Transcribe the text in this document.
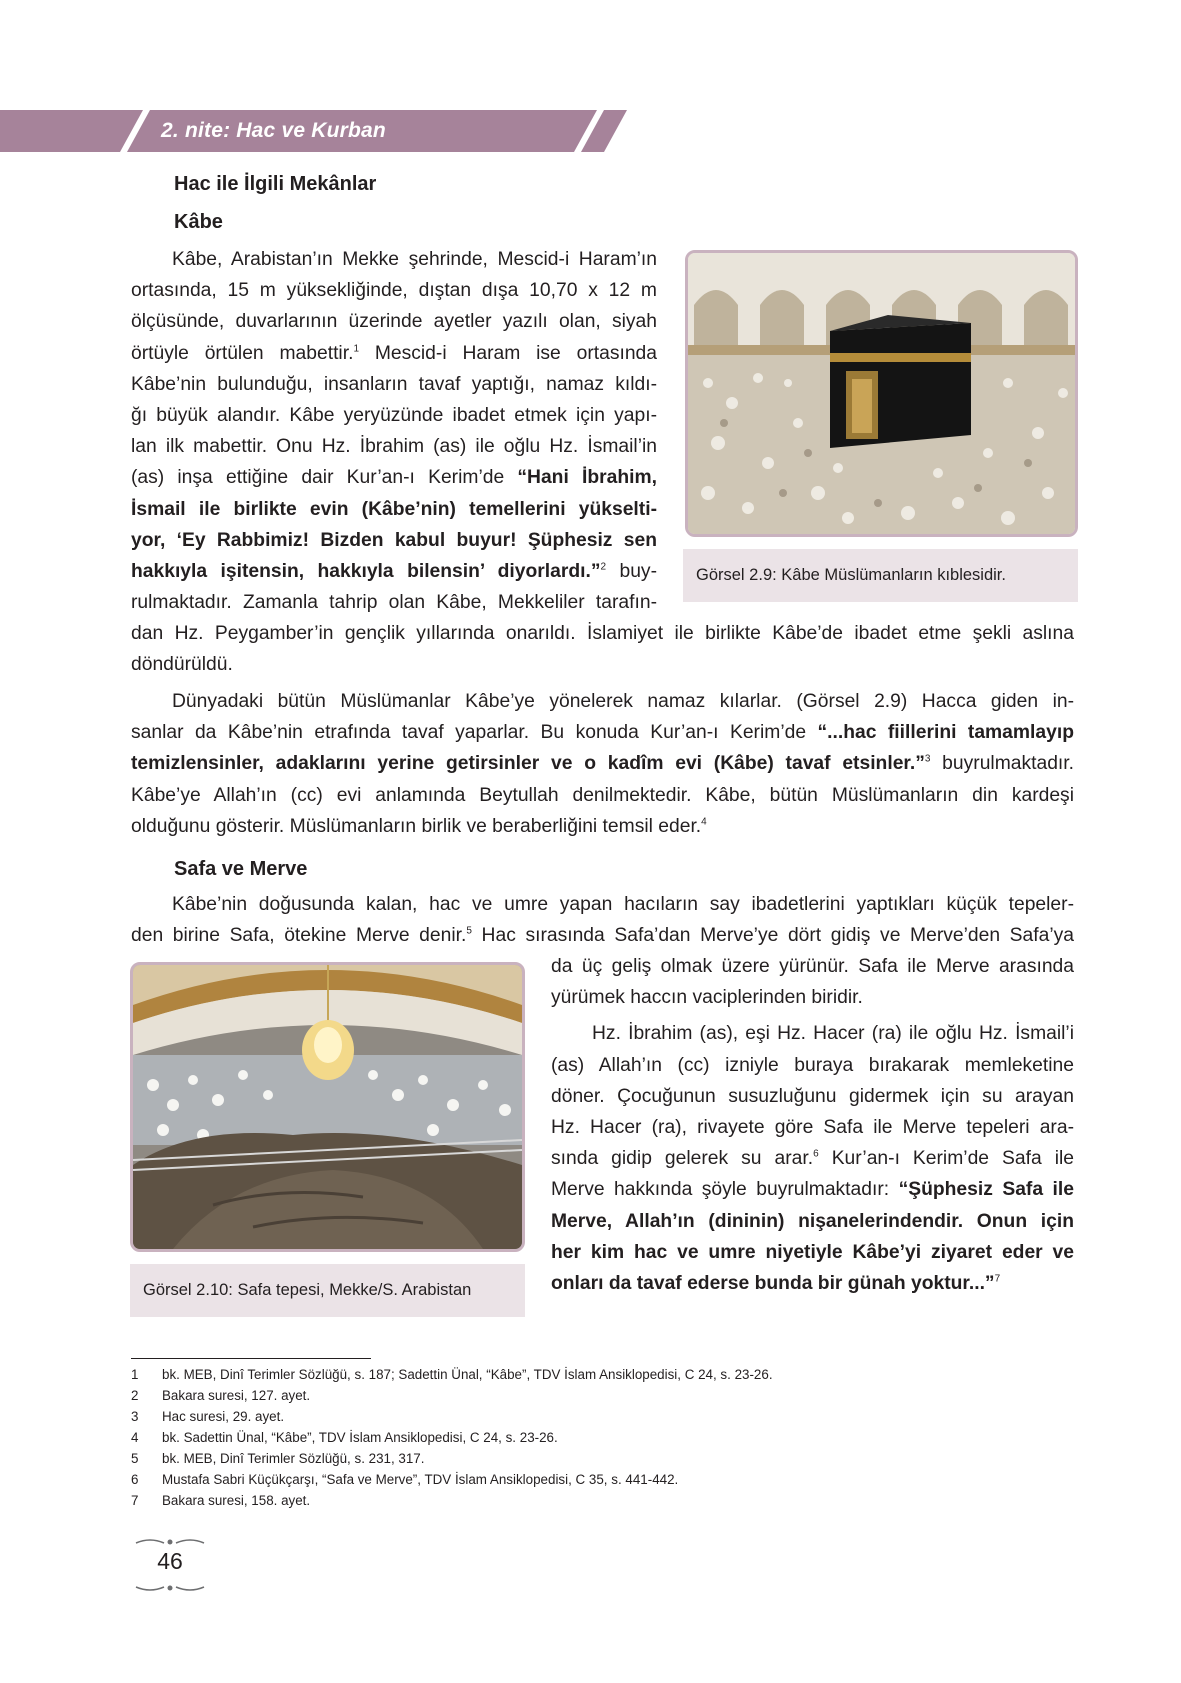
2. nite: Hac ve Kurban
Hac ile İlgili Mekânlar
Kâbe
Kâbe, Arabistan’ın Mekke şehrinde, Mescid-i Haram’ın
ortasında, 15 m yüksekliğinde, dıştan dışa 10,70 x 12 m
ölçüsünde, duvarlarının üzerinde ayetler yazılı olan, siyah
örtüyle örtülen mabettir.$^1$ Mescid-i Haram ise ortasında
Kâbe’nin bulunduğu, insanların tavaf yaptığı, namaz kıldı-
ğı büyük alandır. Kâbe yeryüzünde ibadet etmek için yapı-
lan ilk mabettir. Onu Hz. İbrahim (as) ile oğlu Hz. İsmail’in
(as) inşa ettiğine dair Kur’an-ı Kerim’de “Hani İbrahim,
İsmail ile birlikte evin (Kâbe’nin) temellerini yükselti-
yor, ‘Ey Rabbimiz! Bizden kabul buyur! Şüphesiz sen
hakkıyla işitensin, hakkıyla bilensin’ diyorlardı.”$^2$ buy-
rulmaktadır. Zamanla tahrip olan Kâbe, Mekkeliler tarafın-
dan Hz. Peygamber’in gençlik yıllarında onarıldı. İslamiyet ile birlikte Kâbe’de ibadet etme şekli aslına
döndürüldü.
Dünyadaki bütün Müslümanlar Kâbe’ye yönelerek namaz kılarlar. (Görsel 2.9) Hacca giden in-
sanlar da Kâbe’nin etrafında tavaf yaparlar. Bu konuda Kur’an-ı Kerim’de “...hac fiillerini tamamlayıp
temizlensinler, adaklarını yerine getirsinler ve o kadîm evi (Kâbe) tavaf etsinler.”$^3$ buyrulmaktadır.
Kâbe’ye Allah’ın (cc) evi anlamında Beytullah denilmektedir. Kâbe, bütün Müslümanların din kardeşi
olduğunu gösterir. Müslümanların birlik ve beraberliğini temsil eder.$^4$
Görsel 2.9: Kâbe Müslümanların kıblesidir.
Safa ve Merve
Kâbe’nin doğusunda kalan, hac ve umre yapan hacıların say ibadetlerini yaptıkları küçük tepeler-
den birine Safa, ötekine Merve denir.$^5$ Hac sırasında Safa’dan Merve’ye dört gidiş ve Merve’den Safa’ya
da üç geliş olmak üzere yürünür. Safa ile Merve arasında
yürümek haccın vaciplerinden biridir.
Hz. İbrahim (as), eşi Hz. Hacer (ra) ile oğlu Hz. İsmail’i
(as) Allah’ın (cc) izniyle buraya bırakarak memleketine
döner. Çocuğunun susuzluğunu gidermek için su arayan
Hz. Hacer (ra), rivayete göre Safa ile Merve tepeleri ara-
sında gidip gelerek su arar.$^6$ Kur’an-ı Kerim’de Safa ile
Merve hakkında şöyle buyrulmaktadır: “Şüphesiz Safa ile
Merve, Allah’ın (dininin) nişanelerindendir. Onun için
her kim hac ve umre niyetiyle Kâbe’yi ziyaret eder ve
onları da tavaf ederse bunda bir günah yoktur...”$^7$
Görsel 2.10: Safa tepesi, Mekke/S. Arabistan
1 bk. MEB, Dinî Terimler Sözlüğü, s. 187; Sadettin Ünal, “Kâbe”, TDV İslam Ansiklopedisi, C 24, s. 23-26.
2 Bakara suresi, 127. ayet.
3 Hac suresi, 29. ayet.
4 bk. Sadettin Ünal, “Kâbe”, TDV İslam Ansiklopedisi, C 24, s. 23-26.
5 bk. MEB, Dinî Terimler Sözlüğü, s. 231, 317.
6 Mustafa Sabri Küçükçarşı, “Safa ve Merve”, TDV İslam Ansiklopedisi, C 35, s. 441-442.
7 Bakara suresi, 158. ayet.
46
